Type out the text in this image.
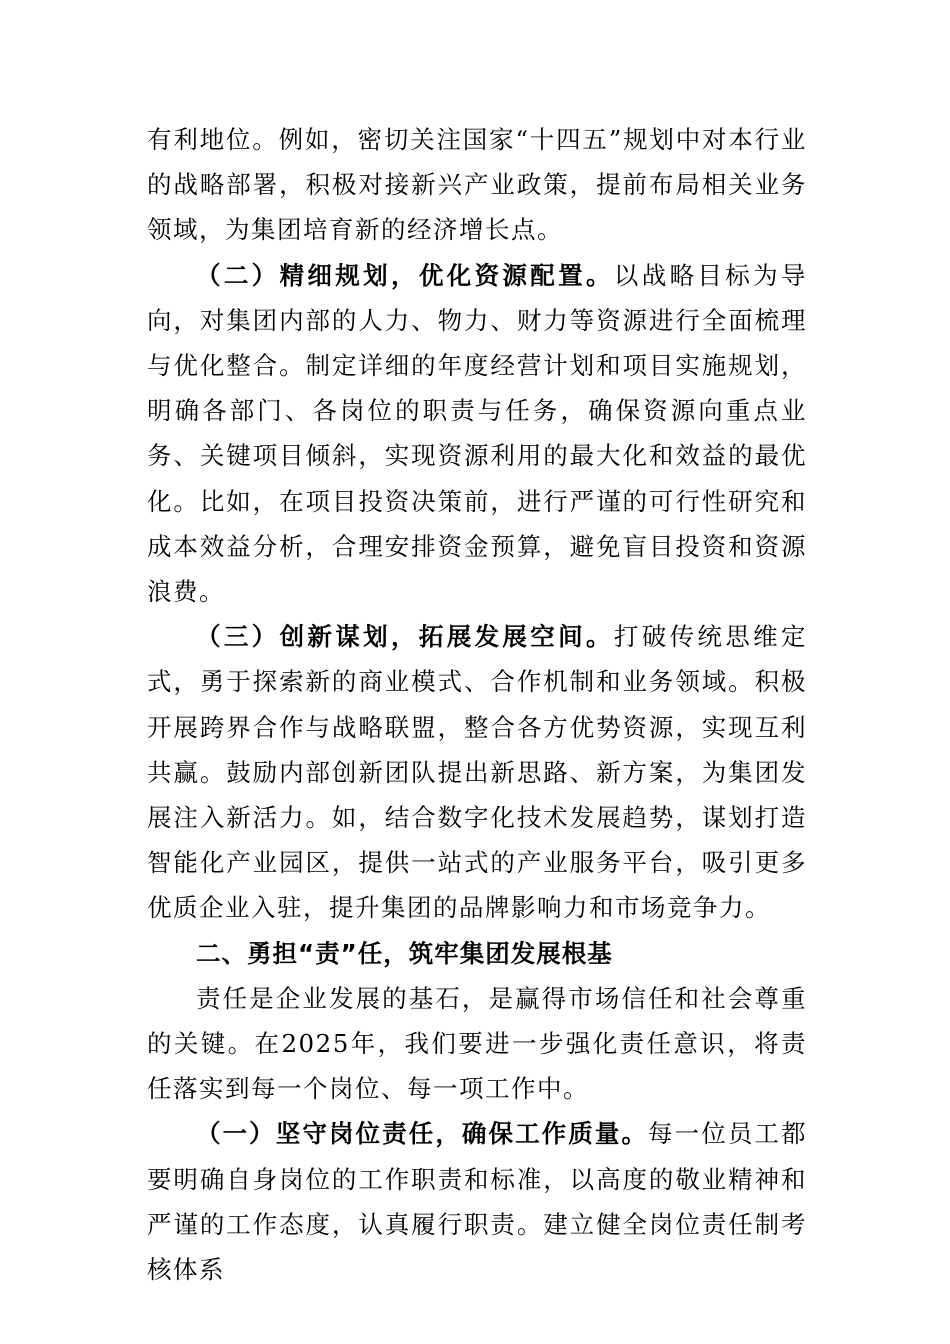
有利地位。例如，密切关注国家“十四五”规划中对本行业的战略部署，积极对接新兴产业政策，提前布局相关业务领域，为集团培育新的经济增长点。

（二）精细规划，优化资源配置。以战略目标为导向，对集团内部的人力、物力、财力等资源进行全面梳理与优化整合。制定详细的年度经营计划和项目实施规划，明确各部门、各岗位的职责与任务，确保资源向重点业务、关键项目倾斜，实现资源利用的最大化和效益的最优化。比如，在项目投资决策前，进行严谨的可行性研究和成本效益分析，合理安排资金预算，避免盲目投资和资源浪费。

（三）创新谋划，拓展发展空间。打破传统思维定式，勇于探索新的商业模式、合作机制和业务领域。积极开展跨界合作与战略联盟，整合各方优势资源，实现互利共赢。鼓励内部创新团队提出新思路、新方案，为集团发展注入新活力。如，结合数字化技术发展趋势，谋划打造智能化产业园区，提供一站式的产业服务平台，吸引更多优质企业入驻，提升集团的品牌影响力和市场竞争力。

二、勇担“责”任，筑牢集团发展根基

责任是企业发展的基石，是赢得市场信任和社会尊重的关键。在2025年，我们要进一步强化责任意识，将责任落实到每一个岗位、每一项工作中。

（一）坚守岗位责任，确保工作质量。每一位员工都要明确自身岗位的工作职责和标准，以高度的敬业精神和严谨的工作态度，认真履行职责。建立健全岗位责任制考核体系
